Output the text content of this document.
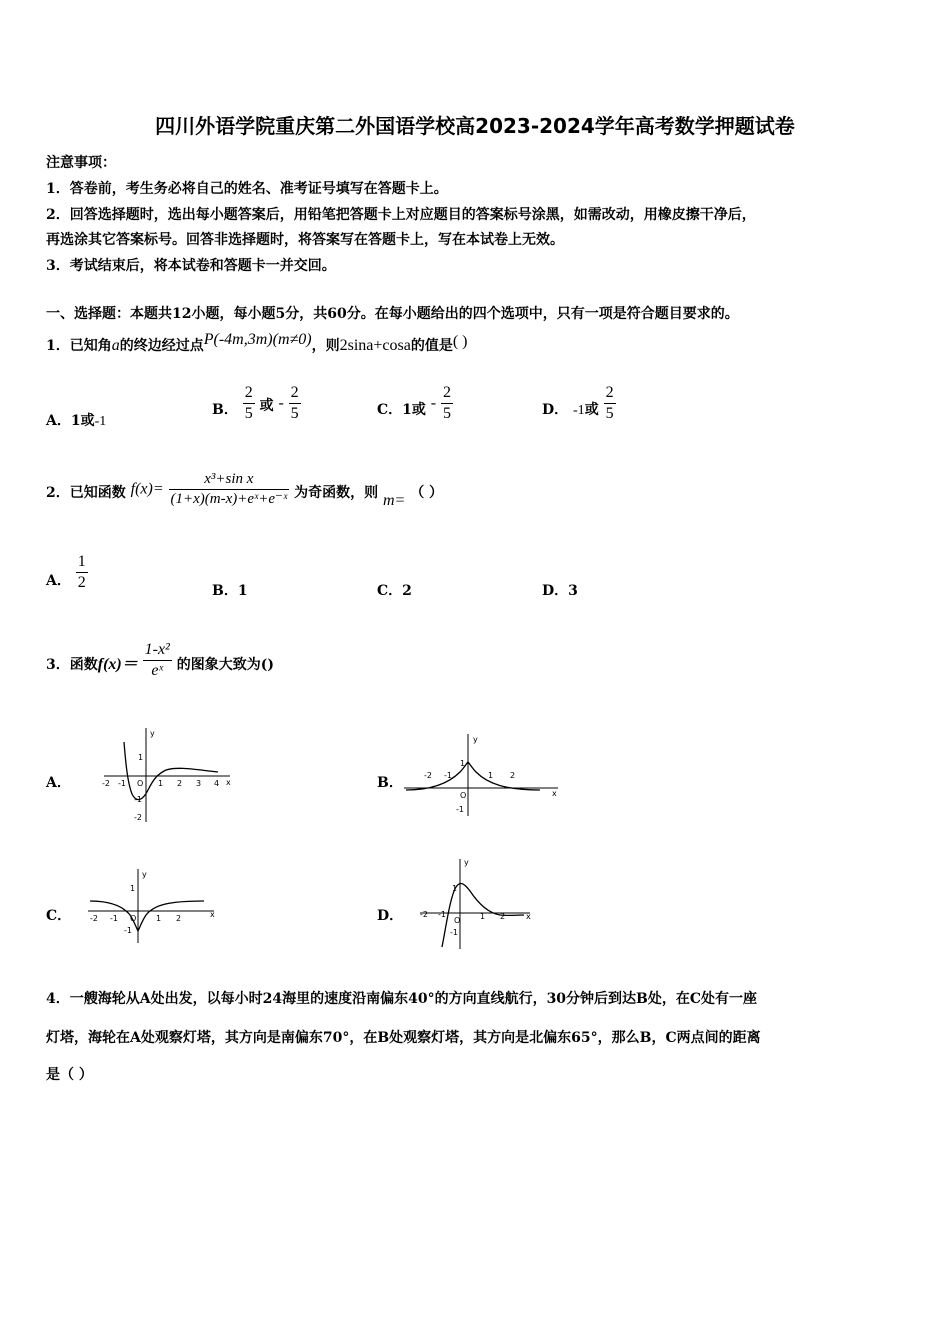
四川外语学院重庆第二外国语学校高2023-2024学年高考数学押题试卷
注意事项：
1．答卷前，考生务必将自己的姓名、准考证号填写在答题卡上。
2．回答选择题时，选出每小题答案后，用铅笔把答题卡上对应题目的答案标号涂黑，如需改动，用橡皮擦干净后，
再选涂其它答案标号。回答非选择题时，将答案写在答题卡上，写在本试卷上无效。
3．考试结束后，将本试卷和答题卡一并交回。
一、选择题：本题共12小题，每小题5分，共60分。在每小题给出的四个选项中，只有一项是符合题目要求的。
1．已知角a的终边经过点P(-4m,3m)(m≠0)，则2sina+cosa的值是( )
A．1或-1
B． $\frac{2}{5}$ 或 - $\frac{2}{5}$	C．1或 - $\frac{2}{5}$	D． -1或 $\frac{2}{5}$
2．已知函数 $f(x)= \frac{\text{x³+sin x}}{\text{(1+x)(m-x)+eˣ+e⁻ˣ}}$ 为奇函数，则 m= （ ）
A． $\frac{1}{2}$	B．1	C．2	D．3
3．函数$f(x)= \frac{\text{1-x²}}{\text{eˣ}}$ 的图象大致为()
A．	B．
C．	D．
y
x
O
-2 -1	1 2 3 4
1
-1
-2
y
x
O
-2 -1	1 2
1
-1
y
x
O
-2 -1	1 2
1
-1
y
x
O
-2 -1	1 2
1
-1
4．一艘海轮从A处出发，以每小时24海里的速度沿南偏东40°的方向直线航行，30分钟后到达B处，在C处有一座
灯塔，海轮在A处观察灯塔，其方向是南偏东70°，在B处观察灯塔，其方向是北偏东65°，那么B，C两点间的距离
是（ ）
